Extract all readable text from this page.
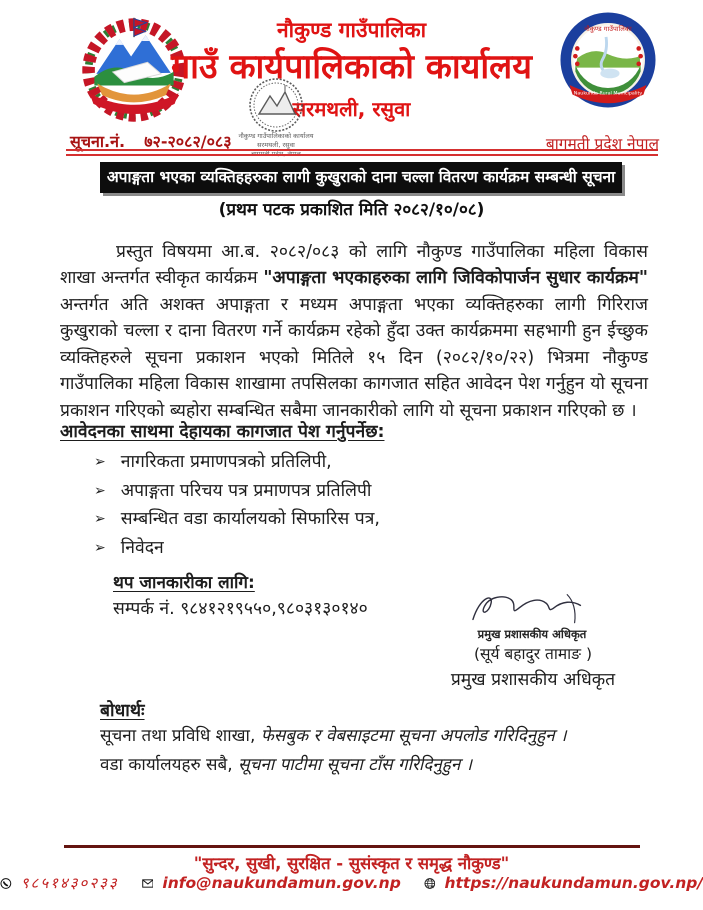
नौकुण्ड गाउँपालिका
Naukunda Rural Municipality
नौकुण्ड गाउँपालिका
गाउँ कार्यपालिकाको कार्यालय
सरमथली, रसुवा
नौकुण्ड गाउँपालिकाको कार्यालय
सरमथली, रसुवा
बागमती प्रदेश, नेपाल
सूचना.नं. ७२-२०८२/०८३	बागमती प्रदेश नेपाल
अपाङ्गता भएका व्यक्तिहहरुका लागी कुखुराको दाना चल्ला वितरण कार्यक्रम सम्बन्धी सूचना
(प्रथम पटक प्रकाशित मिति २०८२/१०/०८)

प्रस्तुत विषयमा आ.ब. २०८२/०८३ को लागि नौकुण्ड गाउँपालिका महिला विकास शाखा अन्तर्गत स्वीकृत कार्यक्रम "अपाङ्गता भएकाहरुका लागि जिविकोपार्जन सुधार कार्यक्रम" अन्तर्गत अति अशक्त अपाङ्गता र मध्यम अपाङ्गता भएका व्यक्तिहरुका लागी गिरिराज कुखुराको चल्ला र दाना वितरण गर्ने कार्यक्रम रहेको हुँदा उक्त कार्यक्रममा सहभागी हुन ईच्छुक व्यक्तिहरुले सूचना प्रकाशन भएको मितिले १५ दिन (२०८२/१०/२२) भित्रमा नौकुण्ड गाउँपालिका महिला विकास शाखामा तपसिलका कागजात सहित आवेदन पेश गर्नुहुन यो सूचना प्रकाशन गरिएको ब्यहोरा सम्बन्धित सबैमा जानकारीको लागि यो सूचना प्रकाशन गरिएको छ ।

आवेदनका साथमा देहायका कागजात पेश गर्नुपर्नेछ:
➢ नागरिकता प्रमाणपत्रको प्रतिलिपी,
➢ अपाङ्गता परिचय पत्र प्रमाणपत्र प्रतिलिपी
➢ सम्बन्धित वडा कार्यालयको सिफारिस पत्र,
➢ निवेदन
थप जानकारीका लागि:
सम्पर्क नं. ९८४१२१९५५०,९८०३१३०१४०
प्रमुख प्रशासकीय अधिकृत
(सूर्य बहादुर तामाङ )
प्रमुख प्रशासकीय अधिकृत
बोधार्थः
सूचना तथा प्रविधि शाखा, फेसबुक र वेबसाइटमा सूचना अपलोड गरिदिनुहुन ।
वडा कार्यालयहरु सबै, सूचना पाटीमा सूचना टाँस गरिदिनुहुन ।
"सुन्दर, सुखी, सुरक्षित - सुसंस्कृत र समृद्ध नौकुण्ड"
९८५१४३०२३३	info@naukundamun.gov.np	https://naukundamun.gov.np/
